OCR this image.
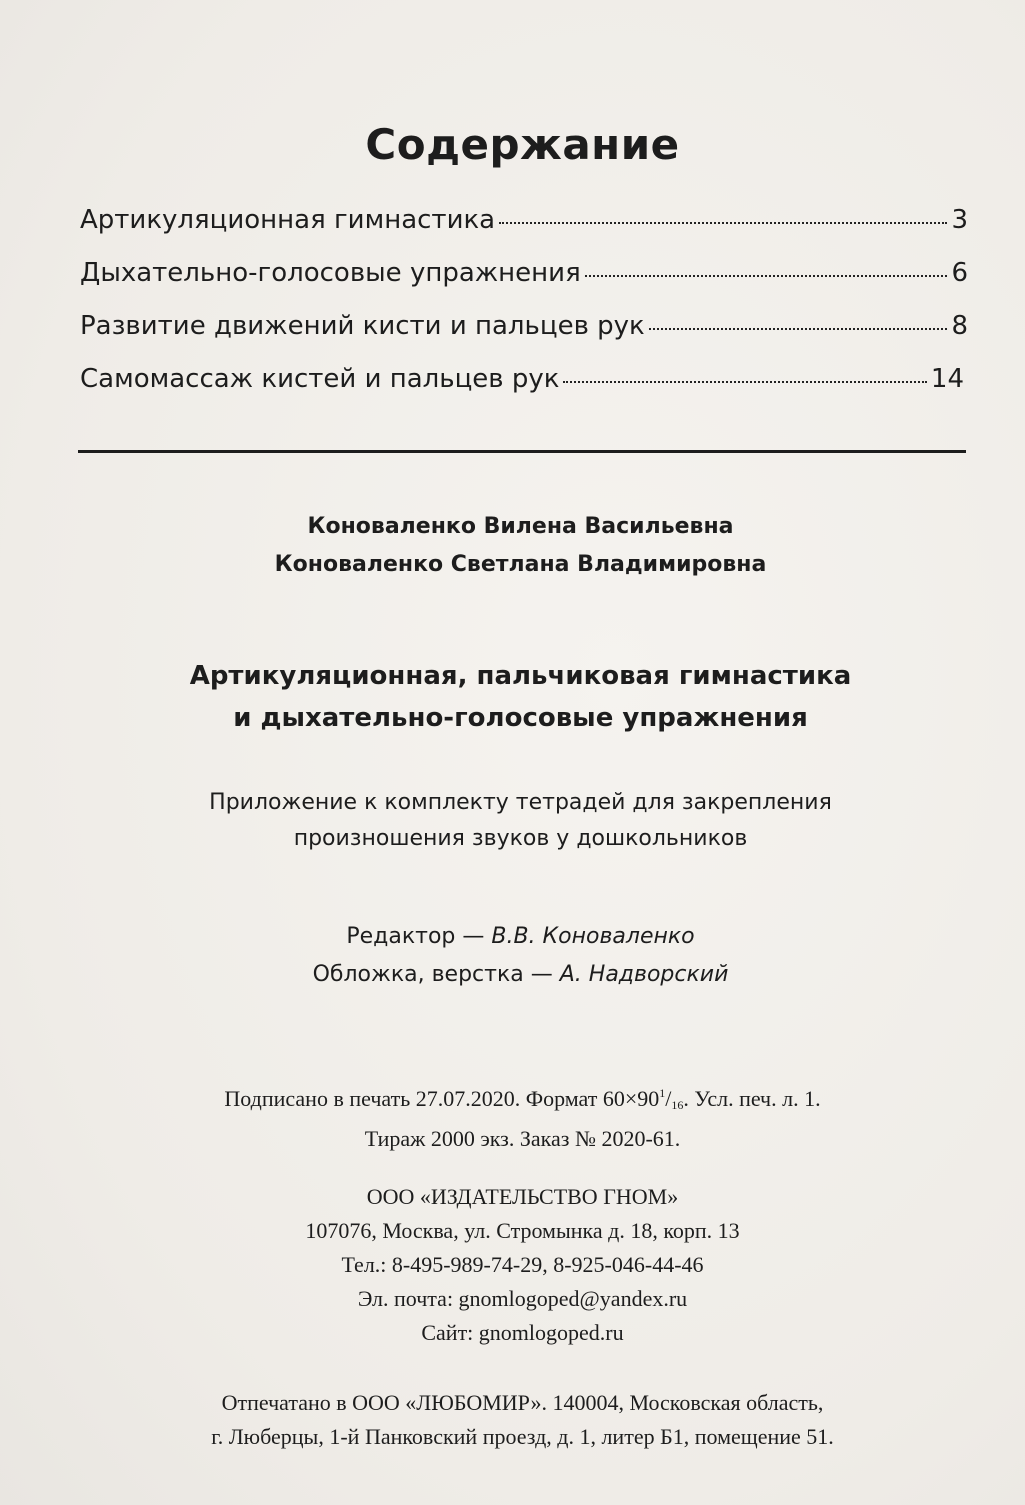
Содержание
Артикуляционная гимнастика	3
Дыхательно-голосовые упражнения	6
Развитие движений кисти и пальцев рук	8
Самомассаж кистей и пальцев рук	14
Коноваленко Вилена Васильевна
Коноваленко Светлана Владимировна
Артикуляционная, пальчиковая гимнастика
и дыхательно-голосовые упражнения
Приложение к комплекту тетрадей для закрепления
произношения звуков у дошкольников
Редактор — В.В. Коноваленко
Обложка, верстка — А. Надворский
Подписано в печать 27.07.2020. Формат $60\times 90^1/_{16}$. Усл. печ. л. 1.
Тираж 2000 экз. Заказ № 2020-61.
ООО «ИЗДАТЕЛЬСТВО ГНОМ»
107076, Москва, ул. Стромынка д. 18, корп. 13
Тел.: 8-495-989-74-29, 8-925-046-44-46
Эл. почта: gnomlogoped@yandex.ru
Сайт: gnomlogoped.ru
Отпечатано в ООО «ЛЮБОМИР». 140004, Московская область,
г. Люберцы, 1-й Панковский проезд, д. 1, литер Б1, помещение 51.
